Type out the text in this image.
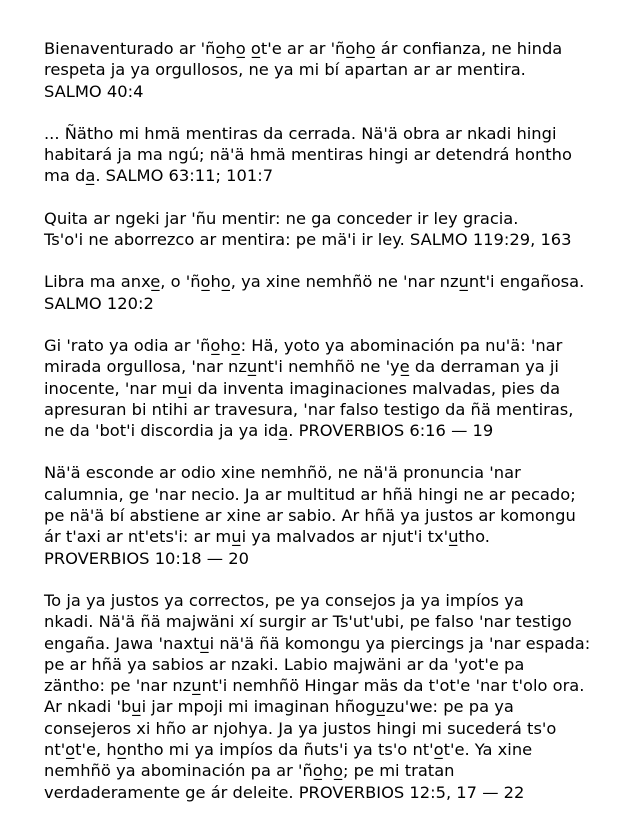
Bienaventurado ar 'ño̲ho̲ o̲t'e ar ar 'ño̲ho̲ ár confianza, ne hinda
respeta ja ya orgullosos, ne ya mi bí apartan ar ar mentira.
SALMO 40:4
... Ñätho mi hmä mentiras da cerrada. Nä'ä obra ar nkadi hingi
habitará ja ma ngú; nä'ä hmä mentiras hingi ar detendrá hontho
ma da̲. SALMO 63:11; 101:7
Quita ar ngeki jar 'ñu mentir: ne ga conceder ir ley gracia.
Ts'o'i ne aborrezco ar mentira: pe mä'i ir ley. SALMO 119:29, 163
Libra ma anxe̲, o 'ño̲ho̲, ya xine nemhñö ne 'nar nzu̲nt'i engañosa.
SALMO 120:2
Gi 'rato ya odia ar 'ño̲ho̲: Hä, yoto ya abominación pa nu'ä: 'nar
mirada orgullosa, 'nar nzu̲nt'i nemhñö ne 'ye̲ da derraman ya ji
inocente, 'nar mu̲i da inventa imaginaciones malvadas, pies da
apresuran bi ntihi ar travesura, 'nar falso testigo da ñä mentiras,
ne da 'bot'i discordia ja ya ida̲. PROVERBIOS 6:16 — 19
Nä'ä esconde ar odio xine nemhñö, ne nä'ä pronuncia 'nar
calumnia, ge 'nar necio. Ja ar multitud ar hñä hingi ne ar pecado;
pe nä'ä bí abstiene ar xine ar sabio. Ar hñä ya justos ar komongu
ár t'axi ar nt'ets'i: ar mu̲i ya malvados ar njut'i tx'u̲tho.
PROVERBIOS 10:18 — 20
To ja ya justos ya correctos, pe ya consejos ja ya impíos ya
nkadi. Nä'ä ñä majwäni xí surgir ar Ts'ut'ubi, pe falso 'nar testigo
engaña. Jawa 'naxtu̲i nä'ä ñä komongu ya piercings ja 'nar espada:
pe ar hñä ya sabios ar nzaki. Labio majwäni ar da 'yot'e pa
zäntho: pe 'nar nzu̲nt'i nemhñö Hingar mäs da t'ot'e 'nar t'olo ora.
Ar nkadi 'bu̲i jar mpoji mi imaginan hñogu̲zu'we: pe pa ya
consejeros xi hño ar njohya. Ja ya justos hingi mi sucederá ts'o
nt'o̲t'e, ho̲ntho mi ya impíos da ñuts'i ya ts'o nt'o̲t'e. Ya xine
nemhñö ya abominación pa ar 'ño̲ho̲; pe mi tratan
verdaderamente ge ár deleite. PROVERBIOS 12:5, 17 — 22
